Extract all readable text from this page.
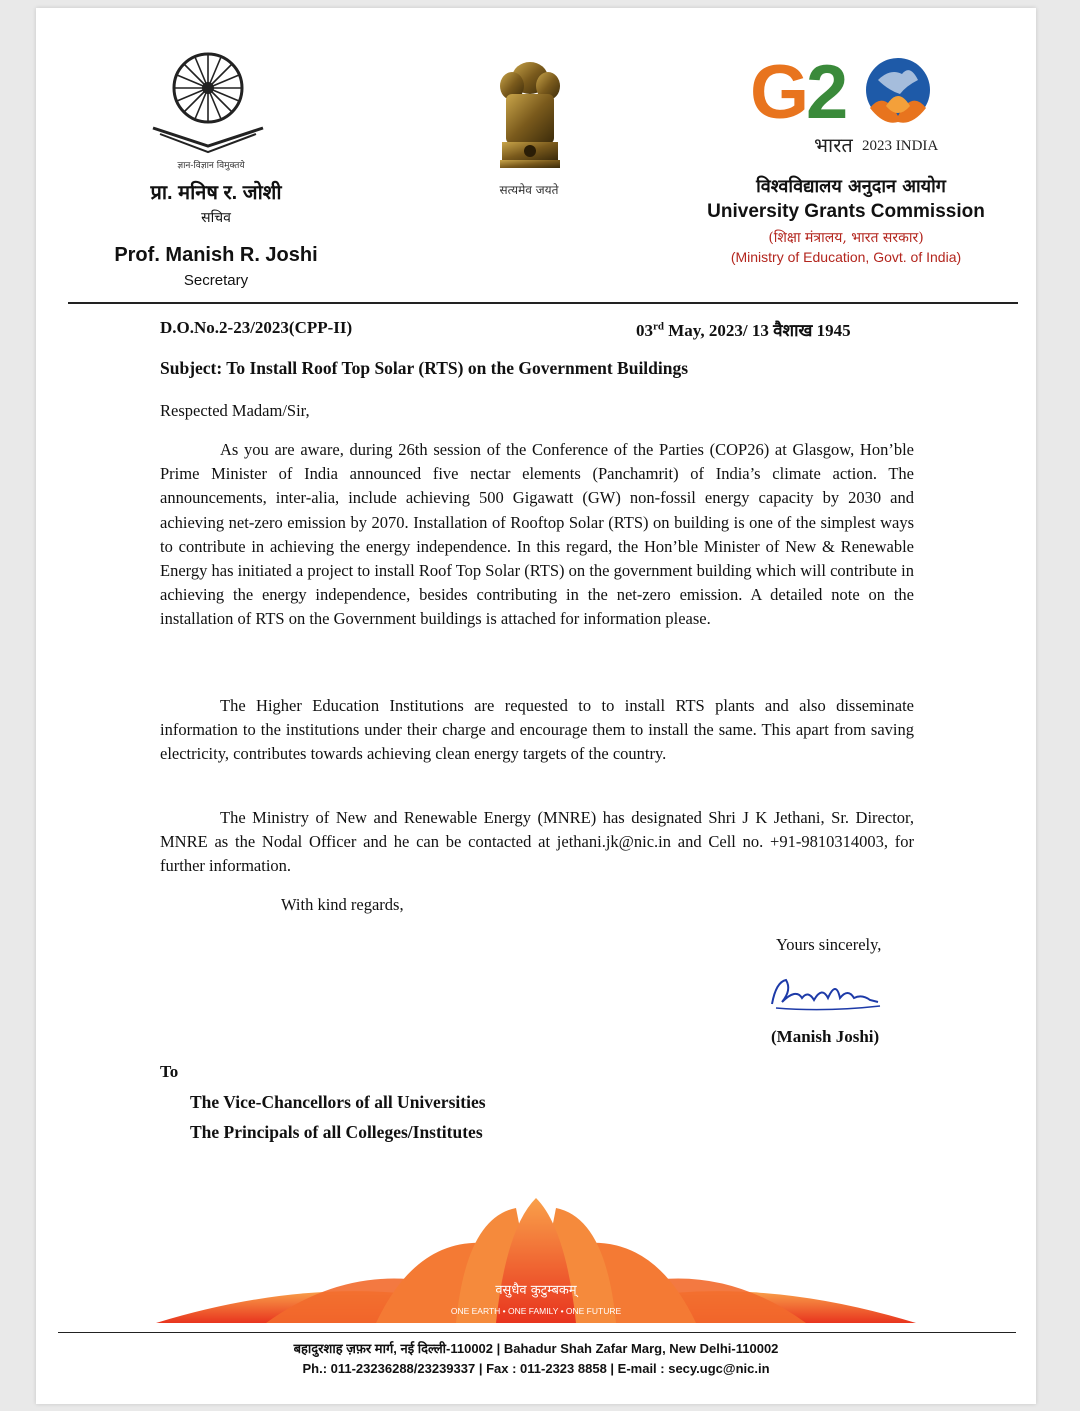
ज्ञान-विज्ञान विमुक्तये
प्रा. मनिष र. जोशी
सचिव
Prof. Manish R. Joshi
Secretary
सत्यमेव जयते
G
2
भारत 2023 INDIA
विश्वविद्यालय अनुदान आयोग
University Grants Commission
(शिक्षा मंत्रालय, भारत सरकार)
(Ministry of Education, Govt. of India)
D.O.No.2-23/2023(CPP-II)	03rd May, 2023/ 13 वैशाख 1945
Subject: To Install Roof Top Solar (RTS) on the Government Buildings
Respected Madam/Sir,
As you are aware, during 26th session of the Conference of the Parties (COP26) at Glasgow, Hon’ble Prime Minister of India announced five nectar elements (Panchamrit) of India’s climate action. The announcements, inter-alia, include achieving 500 Gigawatt (GW) non-fossil energy capacity by 2030 and achieving net-zero emission by 2070. Installation of Rooftop Solar (RTS) on building is one of the simplest ways to contribute in achieving the energy independence. In this regard, the Hon’ble Minister of New & Renewable Energy has initiated a project to install Roof Top Solar (RTS) on the government building which will contribute in achieving the energy independence, besides contributing in the net-zero emission. A detailed note on the installation of RTS on the Government buildings is attached for information please.
The Higher Education Institutions are requested to to install RTS plants and also disseminate information to the institutions under their charge and encourage them to install the same. This apart from saving electricity, contributes towards achieving clean energy targets of the country.
The Ministry of New and Renewable Energy (MNRE) has designated Shri J K Jethani, Sr. Director, MNRE as the Nodal Officer and he can be contacted at jethani.jk@nic.in and Cell no. +91-9810314003, for further information.
With kind regards,
Yours sincerely,
(Manish Joshi)
To
The Vice-Chancellors of all Universities
The Principals of all Colleges/Institutes
वसुधैव कुटुम्बकम्
ONE EARTH • ONE FAMILY • ONE FUTURE
बहादुरशाह ज़फ़र मार्ग, नई दिल्ली-110002 | Bahadur Shah Zafar Marg, New Delhi-110002
Ph.: 011-23236288/23239337 | Fax : 011-2323 8858 | E-mail : secy.ugc@nic.in
